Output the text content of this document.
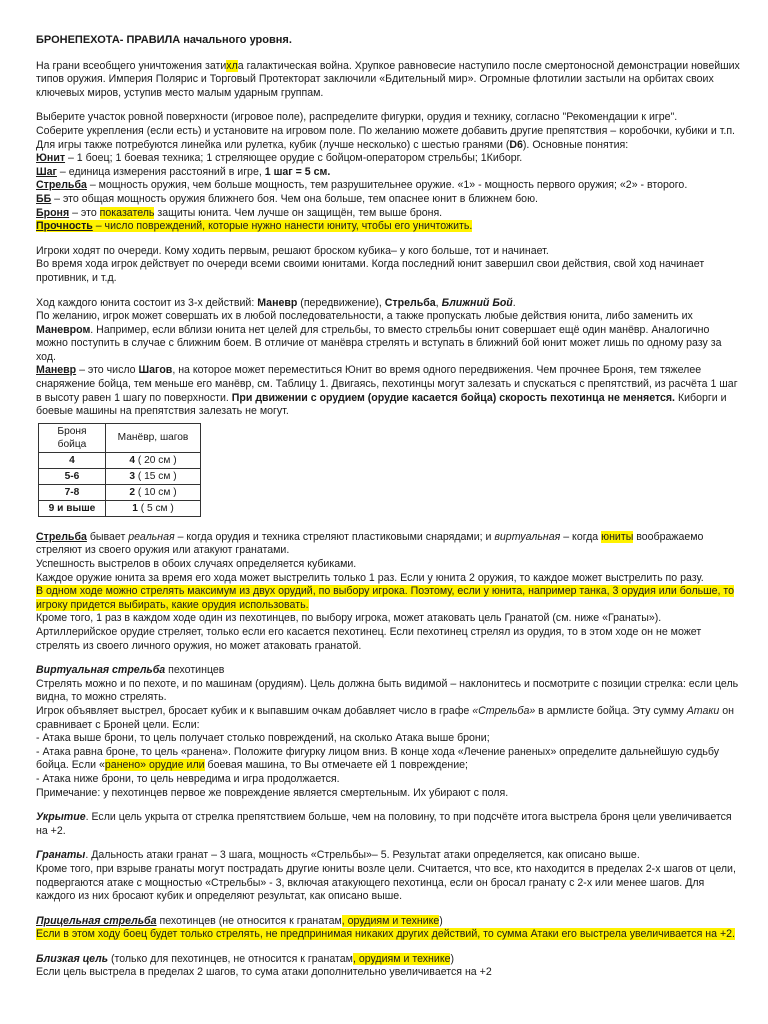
БРОНЕПЕХОТА- ПРАВИЛА начального уровня.

На грани всеобщего уничтожения затихла галактическая война. Хрупкое равновесие наступило после смертоносной демонстрации новейших типов оружия. Империя Полярис и Торговый Протекторат заключили «Бдительный мир». Огромные флотилии застыли на орбитах своих ключевых миров, уступив место малым ударным группам.

Выберите участок ровной поверхности (игровое поле), распределите фигурки, орудия и технику, согласно "Рекомендации к игре".

Соберите укрепления (если есть) и установите на игровом поле. По желанию можете добавить другие препятствия – коробочки, кубики и т.п. Для игры также потребуются линейка или рулетка, кубик (лучше несколько) с шестью гранями (D6). Основные понятия:

Юнит – 1 боец; 1 боевая техника; 1 стреляющее орудие с бойцом-оператором стрельбы; 1Киборг.

Шаг – единица измерения расстояний в игре, 1 шаг = 5 см.

Стрельба – мощность оружия, чем больше мощность, тем разрушительнее оружие. «1» - мощность первого оружия; «2» - второго.

ББ – это общая мощность оружия ближнего боя. Чем она больше, тем опаснее юнит в ближнем бою.

Броня – это показатель защиты юнита. Чем лучше он защищён, тем выше броня.

Прочность – число повреждений, которые нужно нанести юниту, чтобы его уничтожить.

Игроки ходят по очереди. Кому ходить первым, решают броском кубика– у кого больше, тот и начинает.

Во время хода игрок действует по очереди всеми своими юнитами. Когда последний юнит завершил свои действия, свой ход начинает противник, и т.д.

Ход каждого юнита состоит из 3-х действий: Маневр (передвижение), Стрельба, Ближний Бой.

По желанию, игрок может совершать их в любой последовательности, а также пропускать любые действия юнита, либо заменить их Маневром. Например, если вблизи юнита нет целей для стрельбы, то вместо стрельбы юнит совершает ещё один манёвр. Аналогично можно поступить в случае с ближним боем. В отличие от манёвра стрелять и вступать в ближний бой юнит может лишь по одному разу за ход.

Маневр – это число Шагов, на которое может переместиться Юнит во время одного передвижения. Чем прочнее Броня, тем тяжелее снаряжение бойца, тем меньше его манёвр, см. Таблицу 1. Двигаясь, пехотинцы могут залезать и спускаться с препятствий, из расчёта 1 шаг в высоту равен 1 шагу по поверхности. При движении с орудием (орудие касается бойца) скорость пехотинца не меняется. Киборги и боевые машины на препятствия залезать не могут.

Броня бойца	Манёвр, шагов
4	4 ( 20 см )
5-6	3 ( 15 см )
7-8	2 ( 10 см )
9 и выше	1 ( 5 см )

Стрельба бывает реальная – когда орудия и техника стреляют пластиковыми снарядами; и виртуальная – когда юниты воображаемо стреляют из своего оружия или атакуют гранатами.

Успешность выстрелов в обоих случаях определяется кубиками.

Каждое оружие юнита за время его хода может выстрелить только 1 раз. Если у юнита 2 оружия, то каждое может выстрелить по разу.

В одном ходе можно стрелять максимум из двух орудий, по выбору игрока. Поэтому, если у юнита, например танка, 3 орудия или больше, то игроку придется выбирать, какие орудия использовать.

Кроме того, 1 раз в каждом ходе один из пехотинцев, по выбору игрока, может атаковать цель Гранатой (см. ниже «Гранаты»).

Артиллерийское орудие стреляет, только если его касается пехотинец. Если пехотинец стрелял из орудия, то в этом ходе он не может стрелять из своего личного оружия, но может атаковать гранатой.

Виртуальная стрельба пехотинцев

Стрелять можно и по пехоте, и по машинам (орудиям). Цель должна быть видимой – наклонитесь и посмотрите с позиции стрелка: если цель видна, то можно стрелять.

Игрок объявляет выстрел, бросает кубик и к выпавшим очкам добавляет число в графе «Стрельба» в армлисте бойца. Эту сумму Атаки он сравнивает с Броней цели. Если:

- Атака выше брони, то цель получает столько повреждений, на сколько Атака выше брони;

- Атака равна броне, то цель «ранена». Положите фигурку лицом вниз. В конце хода «Лечение раненых» определите дальнейшую судьбу бойца. Если «ранено» орудие или боевая машина, то Вы отмечаете ей 1 повреждение;

- Атака ниже брони, то цель невредима и игра продолжается.

Примечание: у пехотинцев первое же повреждение является смертельным. Их убирают с поля.

Укрытие. Если цель укрыта от стрелка препятствием больше, чем на половину, то при подсчёте итога выстрела броня цели увеличивается на +2.

Гранаты. Дальность атаки гранат – 3 шага, мощность «Стрельбы»– 5. Результат атаки определяется, как описано выше.

Кроме того, при взрыве гранаты могут пострадать другие юниты возле цели. Считается, что все, кто находится в пределах 2-х шагов от цели, подвергаются атаке с мощностью «Стрельбы» - 3, включая атакующего пехотинца, если он бросал гранату с 2-х или менее шагов. Для каждого из них бросают кубик и определяют результат, как описано выше.

Прицельная стрельба пехотинцев (не относится к гранатам, орудиям и технике)

Если в этом ходу боец будет только стрелять, не предпринимая никаких других действий, то сумма Атаки его выстрела увеличивается на +2.

Близкая цель (только для пехотинцев, не относится к гранатам, орудиям и технике)

Если цель выстрела в пределах 2 шагов, то сума атаки дополнительно увеличивается на +2
